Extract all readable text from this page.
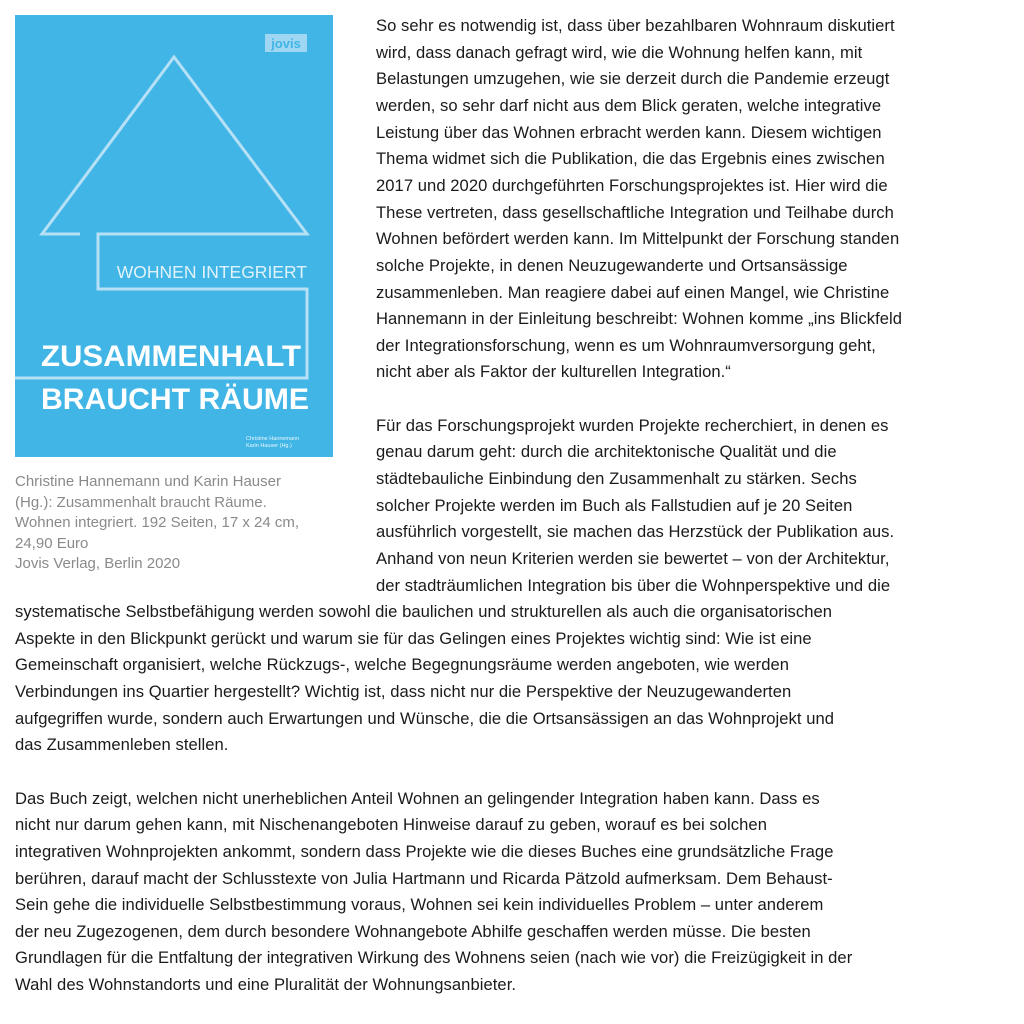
jovis
WOHNEN INTEGRIERT
ZUSAMMENHALT
BRAUCHT RÄUME
Christine Hannemann
Karin Hauser (Hg.)
Christine Hannemann und Karin Hauser
(Hg.): Zusammenhalt braucht Räume.
Wohnen integriert. 192 Seiten, 17 x 24 cm,
24,90 Euro
Jovis Verlag, Berlin 2020
So sehr es notwendig ist, dass über bezahlbaren Wohnraum diskutiert
wird, dass danach gefragt wird, wie die Wohnung helfen kann, mit
Belastungen umzugehen, wie sie derzeit durch die Pandemie erzeugt
werden, so sehr darf nicht aus dem Blick geraten, welche integrative
Leistung über das Wohnen erbracht werden kann. Diesem wichtigen
Thema widmet sich die Publikation, die das Ergebnis eines zwischen
2017 und 2020 durchgeführten Forschungsprojektes ist. Hier wird die
These vertreten, dass gesellschaftliche Integration und Teilhabe durch
Wohnen befördert werden kann. Im Mittelpunkt der Forschung standen
solche Projekte, in denen Neuzugewanderte und Ortsansässige
zusammenleben. Man reagiere dabei auf einen Mangel, wie Christine
Hannemann in der Einleitung beschreibt: Wohnen komme „ins Blickfeld
der Integrationsforschung, wenn es um Wohnraumversorgung geht,
nicht aber als Faktor der kulturellen Integration.“
Für das Forschungsprojekt wurden Projekte recherchiert, in denen es
genau darum geht: durch die architektonische Qualität und die
städtebauliche Einbindung den Zusammenhalt zu stärken. Sechs
solcher Projekte werden im Buch als Fallstudien auf je 20 Seiten
ausführlich vorgestellt, sie machen das Herzstück der Publikation aus.
Anhand von neun Kriterien werden sie bewertet – von der Architektur,
der stadträumlichen Integration bis über die Wohnperspektive und die
systematische Selbstbefähigung werden sowohl die baulichen und strukturellen als auch die organisatorischen
Aspekte in den Blickpunkt gerückt und warum sie für das Gelingen eines Projektes wichtig sind: Wie ist eine
Gemeinschaft organisiert, welche Rückzugs-, welche Begegnungsräume werden angeboten, wie werden
Verbindungen ins Quartier hergestellt? Wichtig ist, dass nicht nur die Perspektive der Neuzugewanderten
aufgegriffen wurde, sondern auch Erwartungen und Wünsche, die die Ortsansässigen an das Wohnprojekt und
das Zusammenleben stellen.
Das Buch zeigt, welchen nicht unerheblichen Anteil Wohnen an gelingender Integration haben kann. Dass es
nicht nur darum gehen kann, mit Nischenangeboten Hinweise darauf zu geben, worauf es bei solchen
integrativen Wohnprojekten ankommt, sondern dass Projekte wie die dieses Buches eine grundsätzliche Frage
berühren, darauf macht der Schlusstexte von Julia Hartmann und Ricarda Pätzold aufmerksam. Dem Behaust-
Sein gehe die individuelle Selbstbestimmung voraus, Wohnen sei kein individuelles Problem – unter anderem
der neu Zugezogenen, dem durch besondere Wohnangebote Abhilfe geschaffen werden müsse. Die besten
Grundlagen für die Entfaltung der integrativen Wirkung des Wohnens seien (nach wie vor) die Freizügigkeit in der
Wahl des Wohnstandorts und eine Pluralität der Wohnungsanbieter.
